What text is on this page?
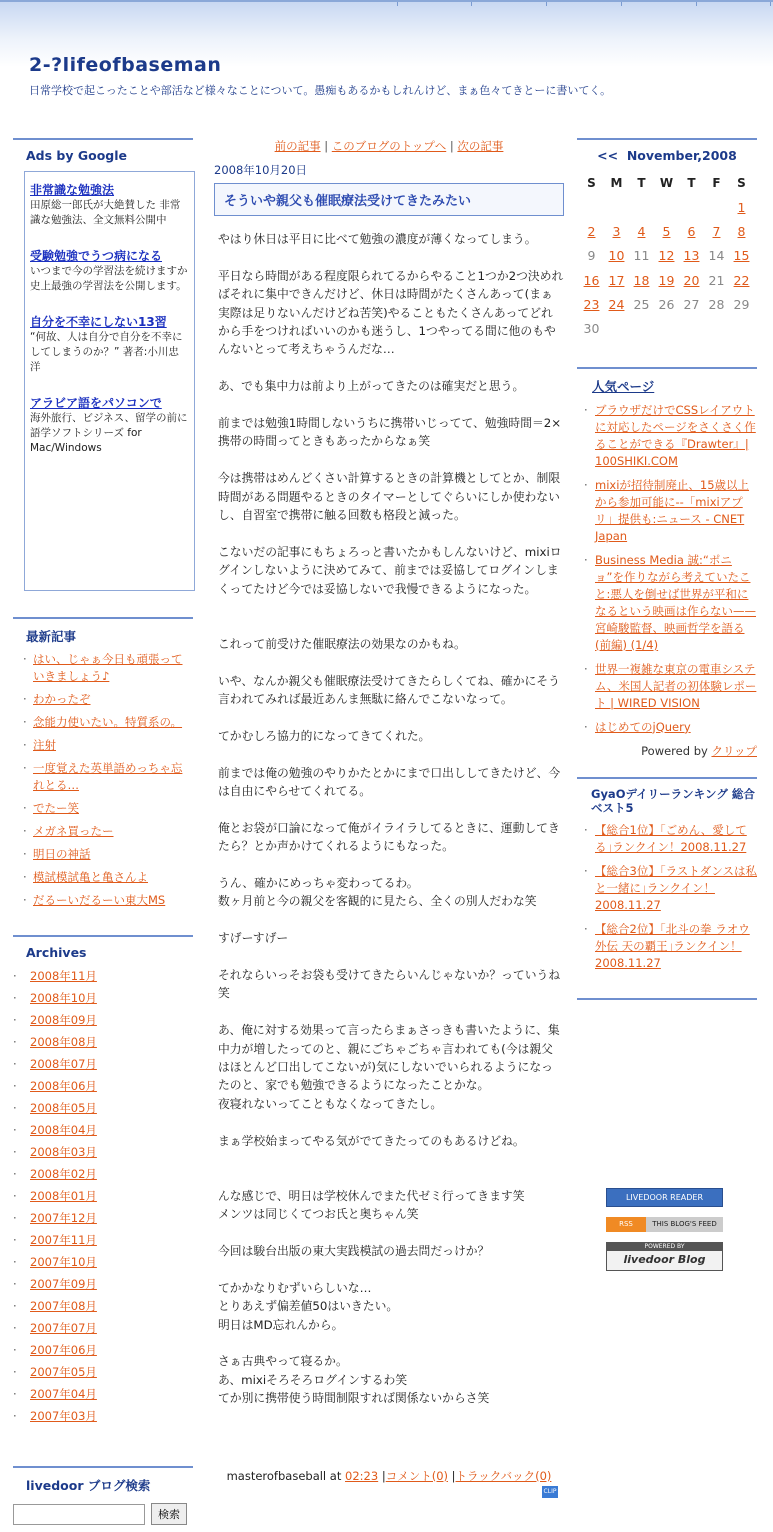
2-?lifeofbaseman
日常学校で起こったことや部活など様々なことについて。愚痴もあるかもしれんけど、まぁ色々てきとーに書いてく。
Ads by Google
非常識な勉強法
田原総一郎氏が大絶賛した 非常識な勉強法、全文無料公開中
受験勉強でうつ病になる
いつまで今の学習法を続けますか 史上最強の学習法を公開します。
自分を不幸にしない13習
“何故、人は自分で自分を不幸にしてしまうのか？” 著者:小川忠洋
アラビア語をパソコンで
海外旅行、ビジネス、留学の前に 語学ソフトシリーズ for Mac/Windows
最新記事
· はい、じゃぁ今日も頑張っていきましょう♪
· わかったぞ
· 念能力使いたい。特質系の。
· 注射
· 一度覚えた英単語めっちゃ忘れとる…
· でたー笑
· メガネ買ったー
· 明日の神話
· 模試模試亀と亀さんよ
· だるーいだるーい東大MS
Archives
· 2008年11月
· 2008年10月
· 2008年09月
· 2008年08月
· 2008年07月
· 2008年06月
· 2008年05月
· 2008年04月
· 2008年03月
· 2008年02月
· 2008年01月
· 2007年12月
· 2007年11月
· 2007年10月
· 2007年09月
· 2007年08月
· 2007年07月
· 2007年06月
· 2007年05月
· 2007年04月
· 2007年03月
livedoor ブログ検索
検索
前の記事 | このブログのトップへ | 次の記事
2008年10月20日
そういや親父も催眠療法受けてきたみたい

やはり休日は平日に比べて勉強の濃度が薄くなってしまう。

平日なら時間がある程度限られてるからやること1つか2つ決めればそれに集中できんだけど、休日は時間がたくさんあって(まぁ実際は足りないんだけどね苦笑)やることもたくさんあってどれから手をつければいいのかも迷うし、1つやってる間に他のもやんないとって考えちゃうんだな…

あ、でも集中力は前より上がってきたのは確実だと思う。

前までは勉強1時間しないうちに携帯いじってて、勉強時間＝2×携帯の時間ってときもあったからなぁ笑

今は携帯はめんどくさい計算するときの計算機としてとか、制限時間がある問題やるときのタイマーとしてぐらいにしか使わないし、自習室で携帯に触る回数も格段と減った。

こないだの記事にもちょろっと書いたかもしんないけど、mixiログインしないように決めてみて、前までは妥協してログインしまくってたけど今では妥協しないで我慢できるようになった。

これって前受けた催眠療法の効果なのかもね。

いや、なんか親父も催眠療法受けてきたらしくてね、確かにそう言われてみれば最近あんま無駄に絡んでこないなって。

てかむしろ協力的になってきてくれた。

前までは俺の勉強のやりかたとかにまで口出ししてきたけど、今は自由にやらせてくれてる。

俺とお袋が口論になって俺がイライラしてるときに、運動してきたら？とか声かけてくれるようにもなった。

うん、確かにめっちゃ変わってるわ。
数ヶ月前と今の親父を客観的に見たら、全くの別人だわな笑

すげーすげー

それならいっそお袋も受けてきたらいんじゃないか？っていうね笑

あ、俺に対する効果って言ったらまぁさっきも書いたように、集中力が増したってのと、親にごちゃごちゃ言われても(今は親父はほとんど口出してこないが)気にしないでいられるようになったのと、家でも勉強できるようになったことかな。
夜寝れないってこともなくなってきたし。

まぁ学校始まってやる気がでてきたってのもあるけどね。

んな感じで、明日は学校休んでまた代ゼミ行ってきます笑
メンツは同じくてつお氏と奥ちゃん笑

今回は駿台出版の東大実践模試の過去問だっけか？

てかかなりむずいらしいな…
とりあえず偏差値50はいきたい。
明日はMD忘れんから。

さぁ古典やって寝るか。
あ、mixiそろそろログインするわ笑
てか別に携帯使う時間制限すれば関係ないからさ笑

masterofbaseball at 02:23 |コメント(0) |トラックバック(0)
CLIP
<< November,2008
S	M	T	W	T	F	S
						1
2	3	4	5	6	7	8
9	10	11	12	13	14	15
16	17	18	19	20	21	22
23	24	25	26	27	28	29
30						
人気ページ
· ブラウザだけでCSSレイアウトに対応したページをさくさく作ることができる『Drawter』| 100SHIKI.COM
· mixiが招待制廃止、15歳以上から参加可能に--「mixiアプリ」提供も:ニュース - CNET Japan
· Business Media 誠:“ポニョ”を作りながら考えていたこと:悪人を倒せば世界が平和になるという映画は作らない——宮崎駿監督、映画哲学を語る(前編) (1/4)
· 世界一複雑な東京の電車システム、米国人記者の初体験レポート | WIRED VISION
· はじめてのjQuery
Powered by クリップ
GyaOデイリーランキング 総合ベスト5
· 【総合1位】｢ごめん、愛してる｣ランクイン！2008.11.27
· 【総合3位】｢ラストダンスは私と一緒に｣ランクイン！2008.11.27
· 【総合2位】｢北斗の拳 ラオウ外伝 天の覇王｣ランクイン！2008.11.27
LIVEDOOR READER
RSS	THIS BLOG'S FEED
POWERED BY
livedoor Blog
